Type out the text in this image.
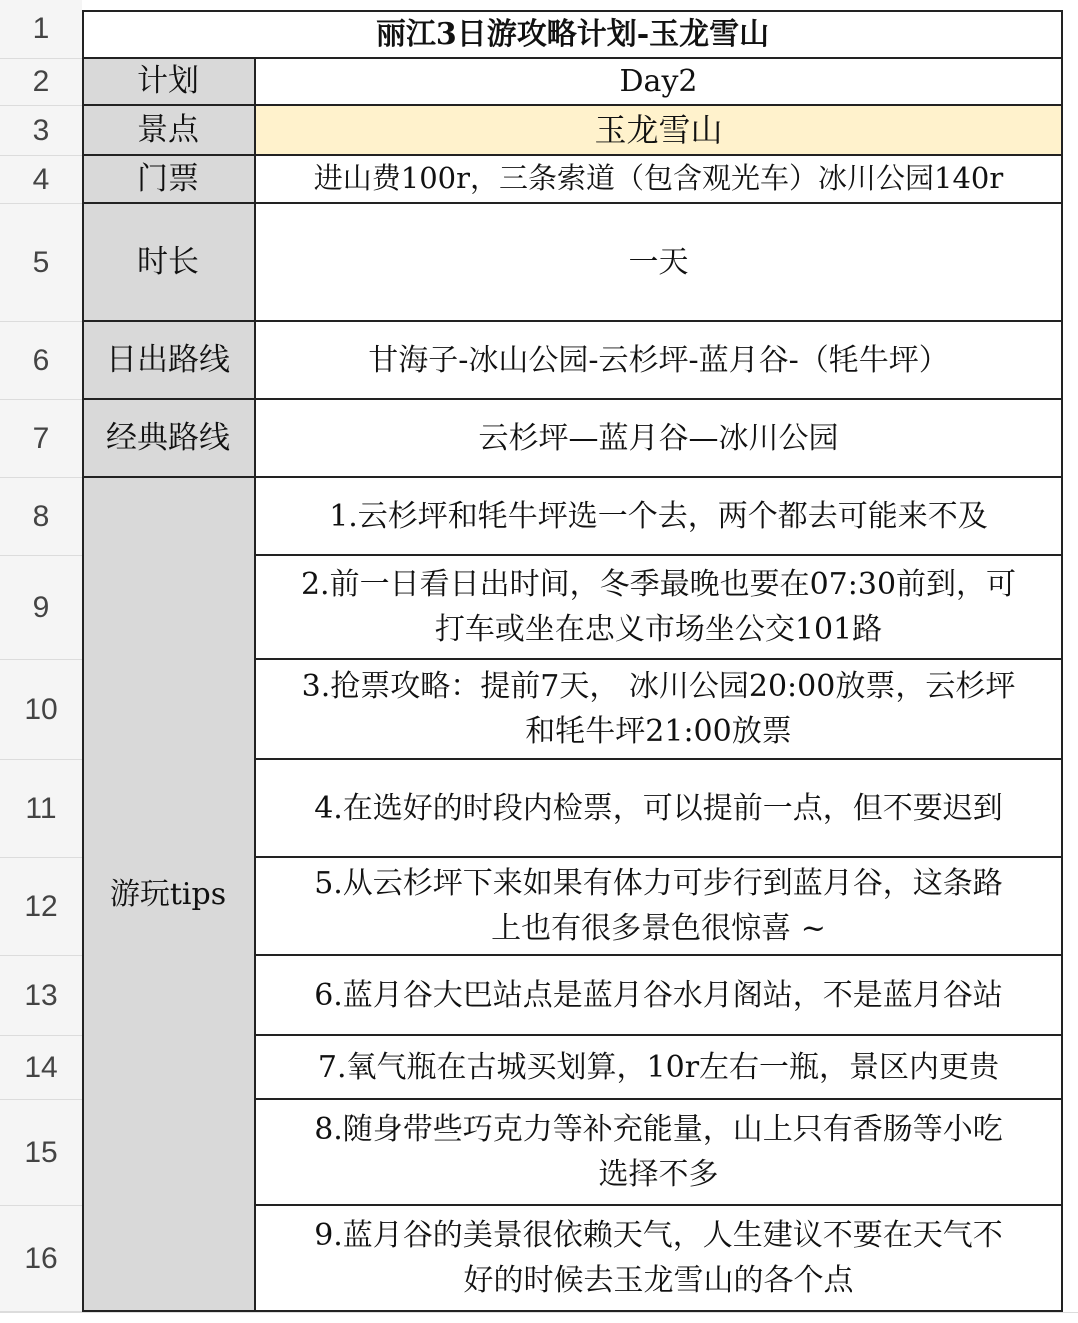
1
2
3
4
5
6
7
8
9
10
11
12
13
14
15
16
丽江3日游攻略计划-玉龙雪山
计划	Day2
景点	玉龙雪山
门票	进山费100r，三条索道（包含观光车）冰川公园140r
时长	一天
日出路线	甘海子-冰山公园-云杉坪-蓝月谷-（牦牛坪）
经典路线	云杉坪—蓝月谷—冰川公园
游玩tips
1.云杉坪和牦牛坪选一个去，两个都去可能来不及
2.前一日看日出时间，冬季最晚也要在07:30前到，可
打车或坐在忠义市场坐公交101路
3.抢票攻略：提前7天， 冰川公园20:00放票，云杉坪
和牦牛坪21:00放票
4.在选好的时段内检票，可以提前一点，但不要迟到
5.从云杉坪下来如果有体力可步行到蓝月谷，这条路
上也有很多景色很惊喜 ~
6.蓝月谷大巴站点是蓝月谷水月阁站，不是蓝月谷站
7.氧气瓶在古城买划算，10r左右一瓶，景区内更贵
8.随身带些巧克力等补充能量，山上只有香肠等小吃
选择不多
9.蓝月谷的美景很依赖天气，人生建议不要在天气不
好的时候去玉龙雪山的各个点
